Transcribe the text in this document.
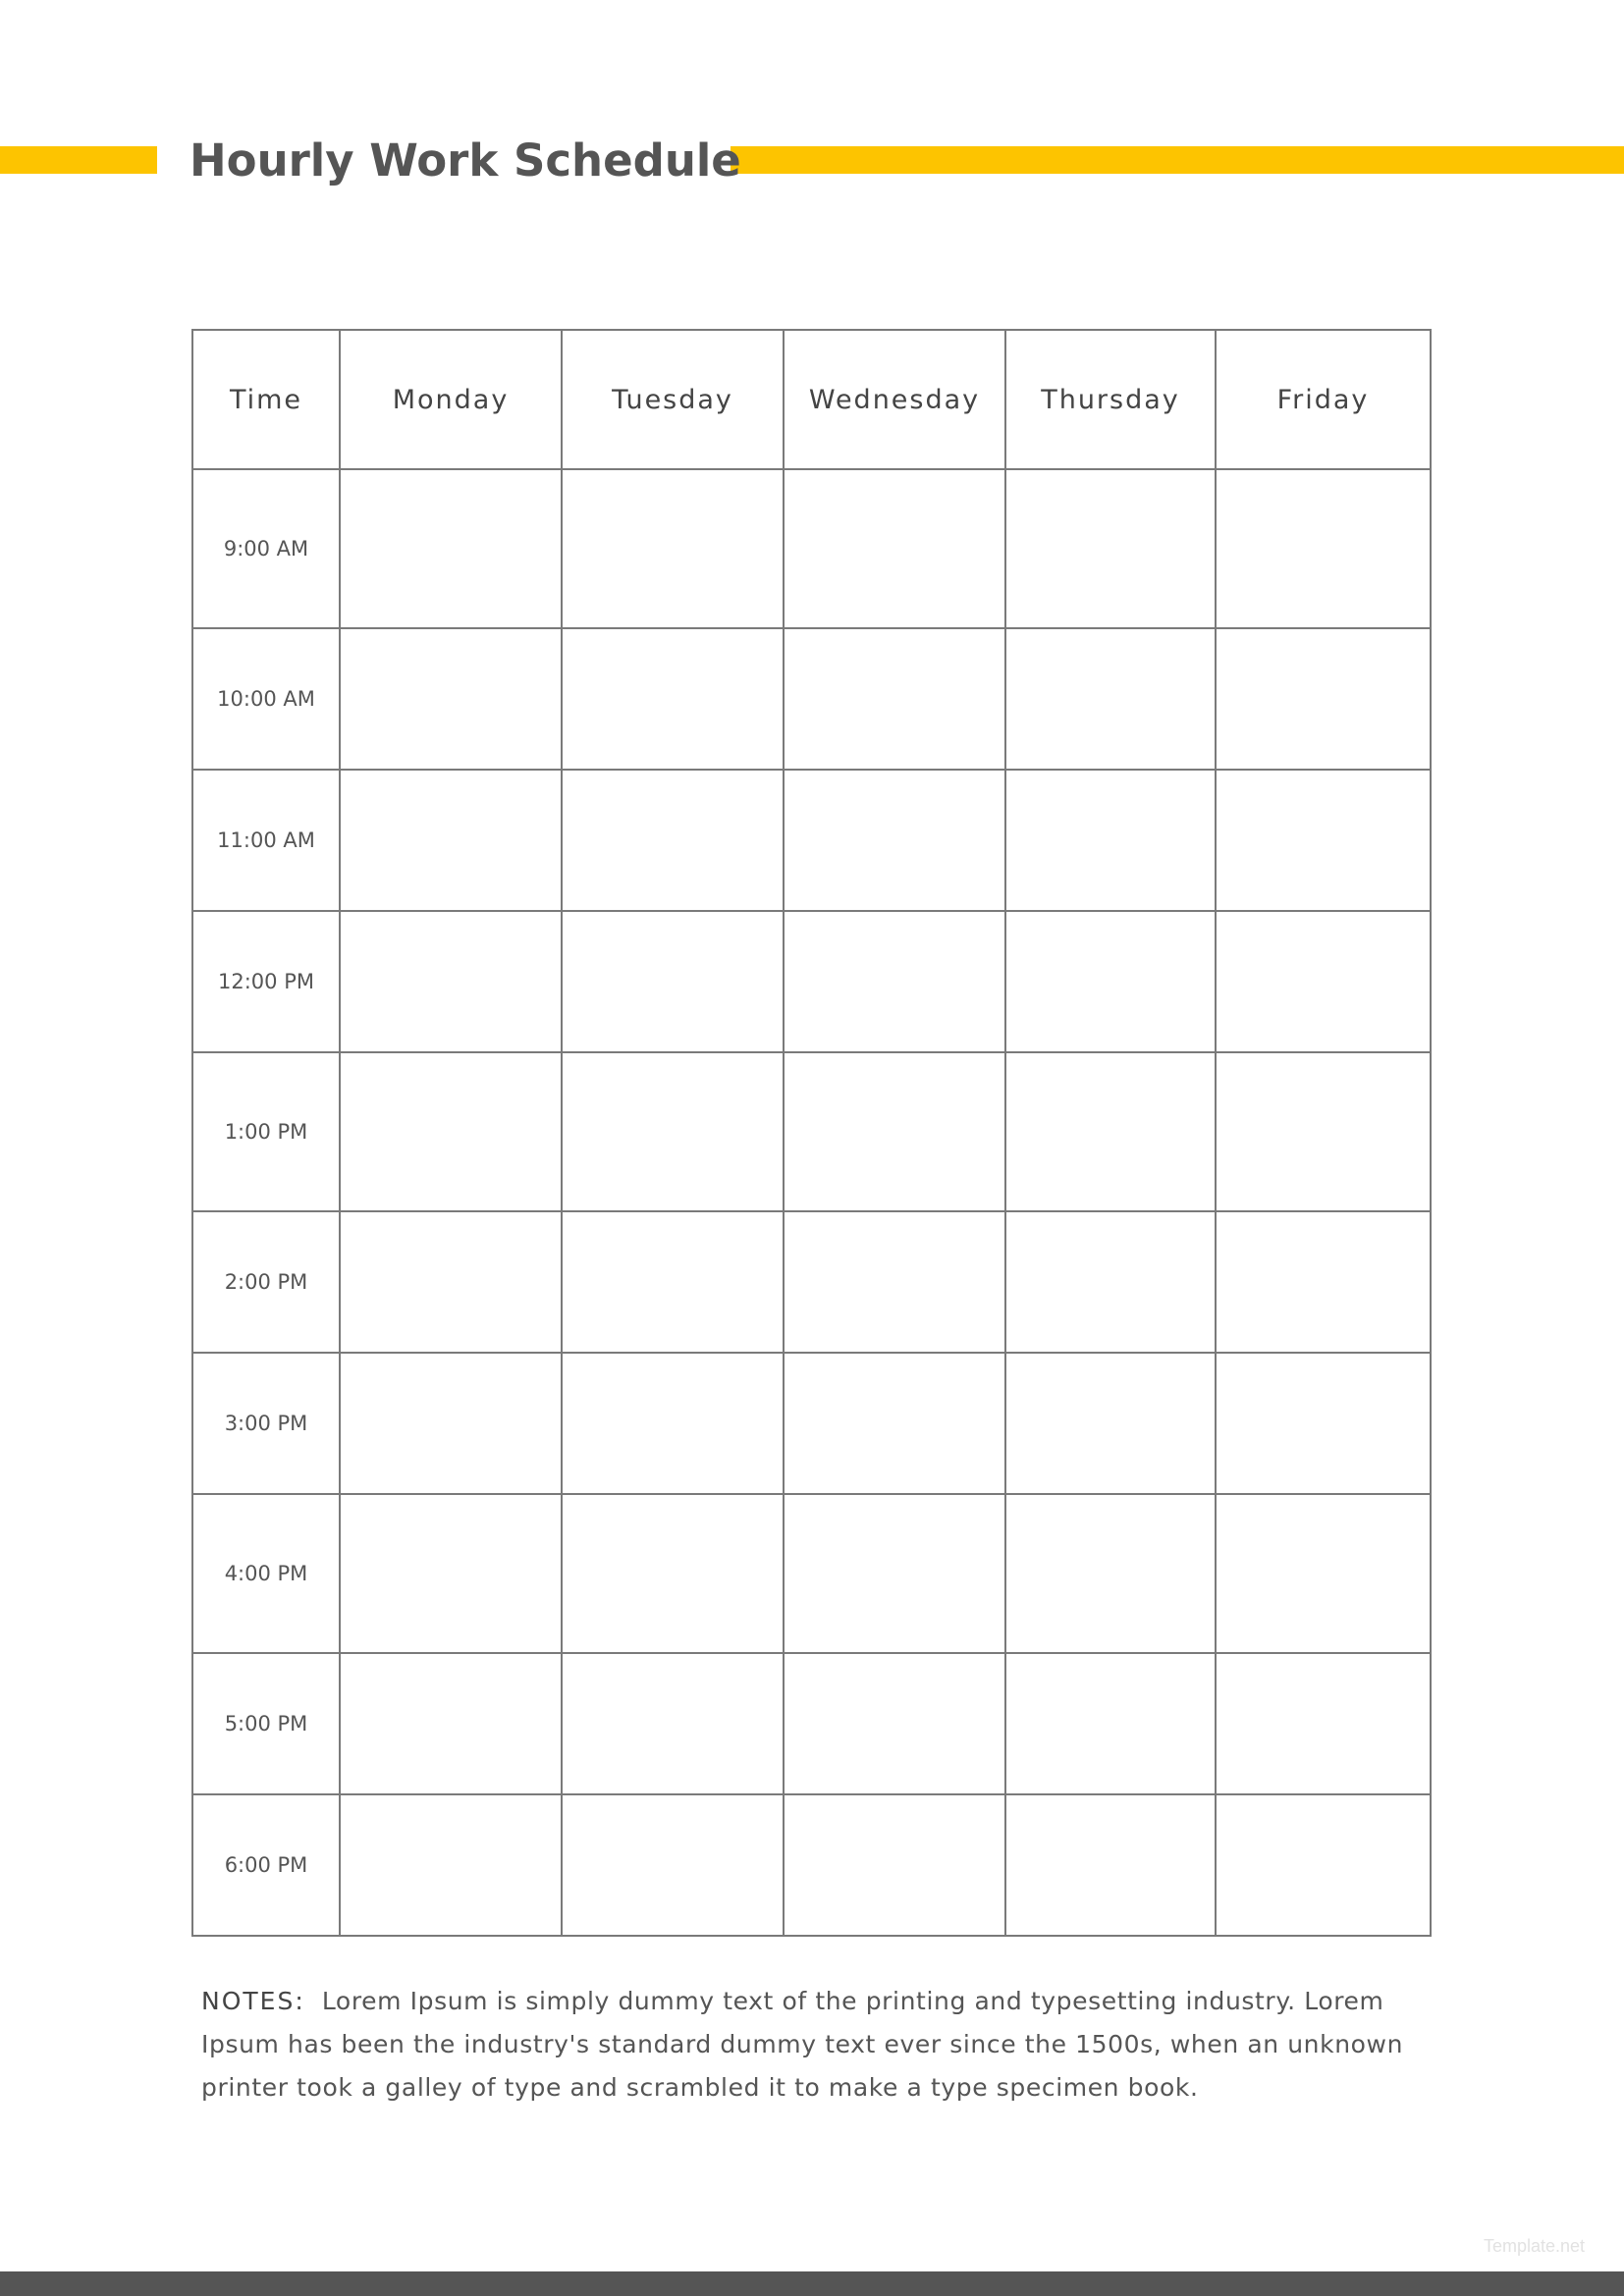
Hourly Work Schedule
Time	Monday	Tuesday	Wednesday	Thursday	Friday
9:00 AM					
10:00 AM					
11:00 AM					
12:00 PM					
1:00 PM					
2:00 PM					
3:00 PM					
4:00 PM					
5:00 PM					
6:00 PM					

NOTES: Lorem Ipsum is simply dummy text of the printing and typesetting industry. Lorem Ipsum has been the industry's standard dummy text ever since the 1500s, when an unknown printer took a galley of type and scrambled it to make a type specimen book.

Template.net
